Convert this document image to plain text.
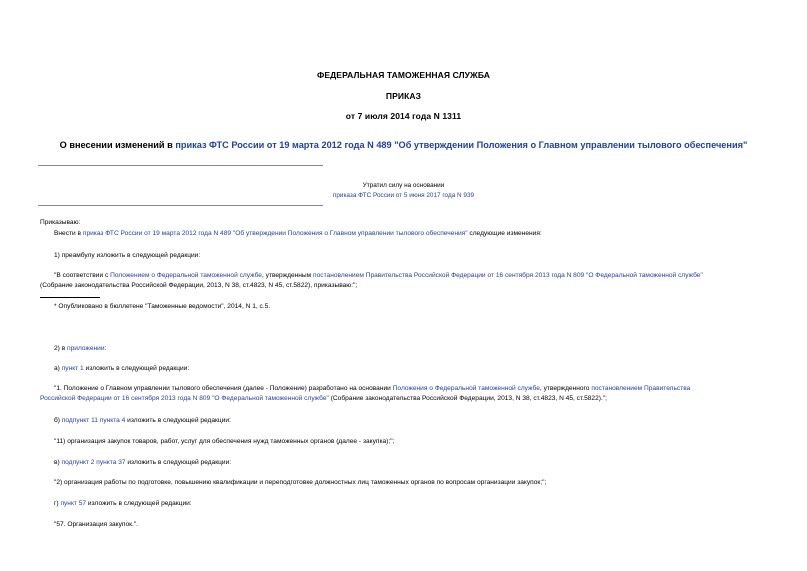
ФЕДЕРАЛЬНАЯ ТАМОЖЕННАЯ СЛУЖБА
ПРИКАЗ
от 7 июля 2014 года N 1311
О внесении изменений в приказ ФТС России от 19 марта 2012 года N 489 "Об утверждении Положения о Главном управлении тылового обеспечения"
Утратил силу на основании
приказа ФТС России от 5 июня 2017 года N 939
Приказываю:
Внести в приказ ФТС России от 19 марта 2012 года N 489 "Об утверждении Положения о Главном управлении тылового обеспечения" следующие изменения:
1) преамбулу изложить в следующей редакции:
"В соответствии с Положением о Федеральной таможенной службе, утвержденным постановлением Правительства Российской Федерации от 16 сентября 2013 года N 809 "О Федеральной таможенной службе"
(Собрание законодательства Российской Федерации, 2013, N 38, ст.4823, N 45, ст.5822), приказываю:";
* Опубликовано в бюллетене "Таможенные ведомости", 2014, N 1, с.5.
2) в приложении:
а) пункт 1 изложить в следующей редакции:
"1. Положение о Главном управлении тылового обеспечения (далее - Положение) разработано на основании Положения о Федеральной таможенной службе, утвержденного постановлением Правительства
Российской Федерации от 16 сентября 2013 года N 809 "О Федеральной таможенной службе" (Собрание законодательства Российской Федерации, 2013, N 38, ст.4823, N 45, ст.5822).";
б) подпункт 11 пункта 4 изложить в следующей редакции:
"11) организация закупок товаров, работ, услуг для обеспечения нужд таможенных органов (далее - закупка);";
в) подпункт 2 пункта 37 изложить в следующей редакции:
"2) организация работы по подготовке, повышению квалификации и переподготовке должностных лиц таможенных органов по вопросам организации закупок;";
г) пункт 57 изложить в следующей редакции:
"57. Организация закупок.".
